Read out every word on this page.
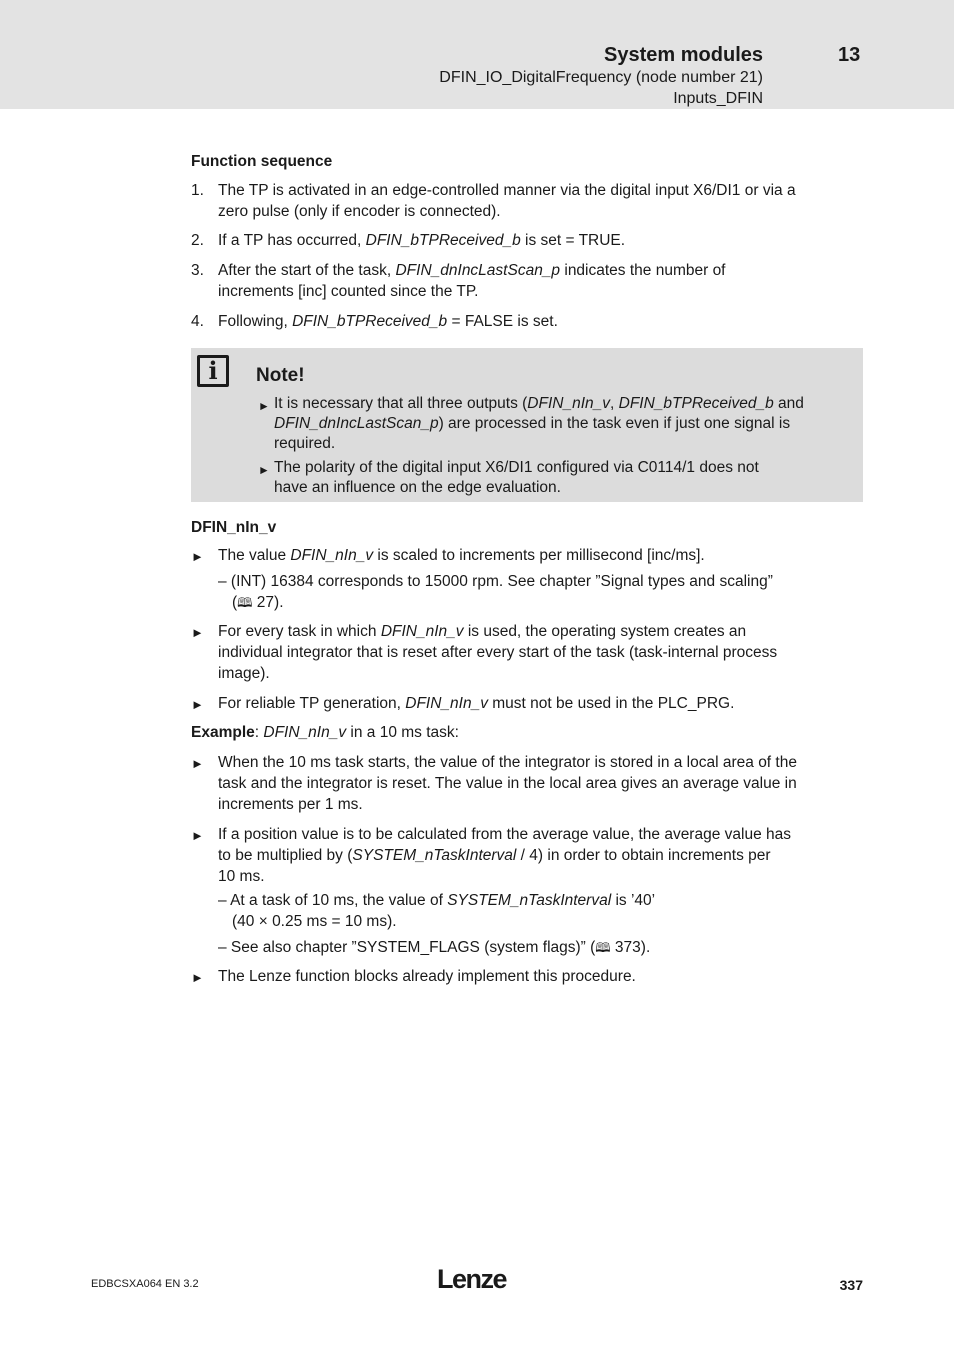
System modules	13
DFIN_IO_DigitalFrequency (node number 21)
Inputs_DFIN
Function sequence
1. The TP is activated in an edge-controlled manner via the digital input X6/DI1 or via a
zero pulse (only if encoder is connected).
2. If a TP has occurred, DFIN_bTPReceived_b is set = TRUE.
3. After the start of the task, DFIN_dnIncLastScan_p indicates the number of
increments [inc] counted since the TP.
4. Following, DFIN_bTPReceived_b = FALSE is set.
i	Note!
► It is necessary that all three outputs (DFIN_nIn_v, DFIN_bTPReceived_b and
DFIN_dnIncLastScan_p) are processed in the task even if just one signal is
required.
► The polarity of the digital input X6/DI1 configured via C0114/1 does not
have an influence on the edge evaluation.
DFIN_nIn_v
► The value DFIN_nIn_v is scaled to increments per millisecond [inc/ms].
– (INT) 16384 corresponds to 15000 rpm. See chapter ”Signal types and scaling”
(🕮 27).
► For every task in which DFIN_nIn_v is used, the operating system creates an
individual integrator that is reset after every start of the task (task-internal process
image).
► For reliable TP generation, DFIN_nIn_v must not be used in the PLC_PRG.
Example: DFIN_nIn_v in a 10 ms task:
► When the 10 ms task starts, the value of the integrator is stored in a local area of the
task and the integrator is reset. The value in the local area gives an average value in
increments per 1 ms.
► If a position value is to be calculated from the average value, the average value has
to be multiplied by (SYSTEM_nTaskInterval / 4) in order to obtain increments per
10 ms.
– At a task of 10 ms, the value of SYSTEM_nTaskInterval is ’40’
(40 × 0.25 ms = 10 ms).
– See also chapter ”SYSTEM_FLAGS (system flags)” (🕮 373).
► The Lenze function blocks already implement this procedure.
EDBCSXA064 EN 3.2	Lenze	337
